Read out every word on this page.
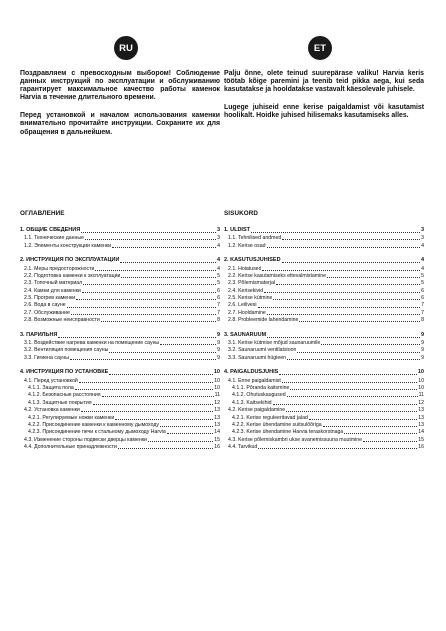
RU

Поздравляем с превосходным выбором! Соблюдение данных инструкций по эксплуатации и обслуживанию гарантирует максимальное качество работы каменок Harvia в течение длительного времени.

Перед установкой и началом использования каменки внимательно прочитайте инструкции. Сохраните их для обращения в дальнейшем.

ОГЛАВЛЕНИЕ
1. ОБЩИЕ СВЕДЕНИЯ	3
1.1. Технические данные	3
1.2. Элементы конструкции каменки	4
2. ИНСТРУКЦИЯ ПО ЭКСПЛУАТАЦИИ	4
2.1. Меры предосторожности	4
2.2. Подготовка каменки к эксплуатации	5
2.3. Топочный материал	5
2.4. Камни для каменки	6
2.5. Прогрев каменки	6
2.6. Вода в сауне	7
2.7. Обслуживание	7
2.8. Возможные неисправности	8
3. ПАРИЛЬНЯ	9
3.1. Воздействие нагрева каменки на помещение сауны	9
3.2. Вентиляция помещения сауны	9
3.3. Гигиена сауны	9
4. ИНСТРУКЦИЯ ПО УСТАНОВКЕ	10
4.1. Перед установкой	10
4.1.1. Защита пола	10
4.1.2. Безопасные расстояния	11
4.1.3. Защитные покрытия	12
4.2. Установка каменки	13
4.2.1. Регулируемые ножки каменки	13
4.2.2. Присоединение каменки к каменному дымоходу	13
4.2.3. Присоединение печи к стальному дымоходу Harvia	14
4.3. Изменение стороны подвески дверцы каменки	15
4.4. Дополнительные принадлежности	16
ET

Palju õnne, olete teinud suurepärase valiku! Harvia keris töötab kõige paremini ja teenib teid pikka aega, kui seda kasutatakse ja hooldatakse vastavalt käesolevale juhisele.

Lugege juhiseid enne kerise paigaldamist või kasutamist hoolikalt. Hoidke juhised hilisemaks kasutamiseks alles.

SISUKORD
1. ÜLDIST	3
1.1. Tehnilised andmed	3
1.2. Kerise osad	4
2. KASUTUSJUHISED	4
2.1. Hoiatused	4
2.2. Kerise kasutamiseks ettevalmistamine	5
2.3. Põlemismaterjal	5
2.4. Kerisekivid	6
2.5. Kerise kütmine	6
2.6. Leilivesi	7
2.7. Hooldamine	7
2.8. Probleemide lahendamine	8
3. SAUNARUUM	9
3.1. Kerise kütmise mõjud saunaruumile	9
3.2. Saunaruumi ventilatsioon	9
3.3. Saunaruumi hügieen	9
4. PAIGALDUSJUHIS	10
4.1. Enne paigaldamist	10
4.1.1. Põranda kaitsmine	10
4.1.2. Ohutuskaugused	11
4.1.3. Kaitsekihid	12
4.2. Kerise paigaldamine	13
4.2.1. Kerise reguleeritavad jalad	13
4.2.2. Kerise ühendamine suitsulõõriga	13
4.2.3. Kerise ühendamine Harvia teraskorstnaga	14
4.3. Kerise põlemiskambri ukse avanemissuuna muutmine	15
4.4. Tarvikud	16
